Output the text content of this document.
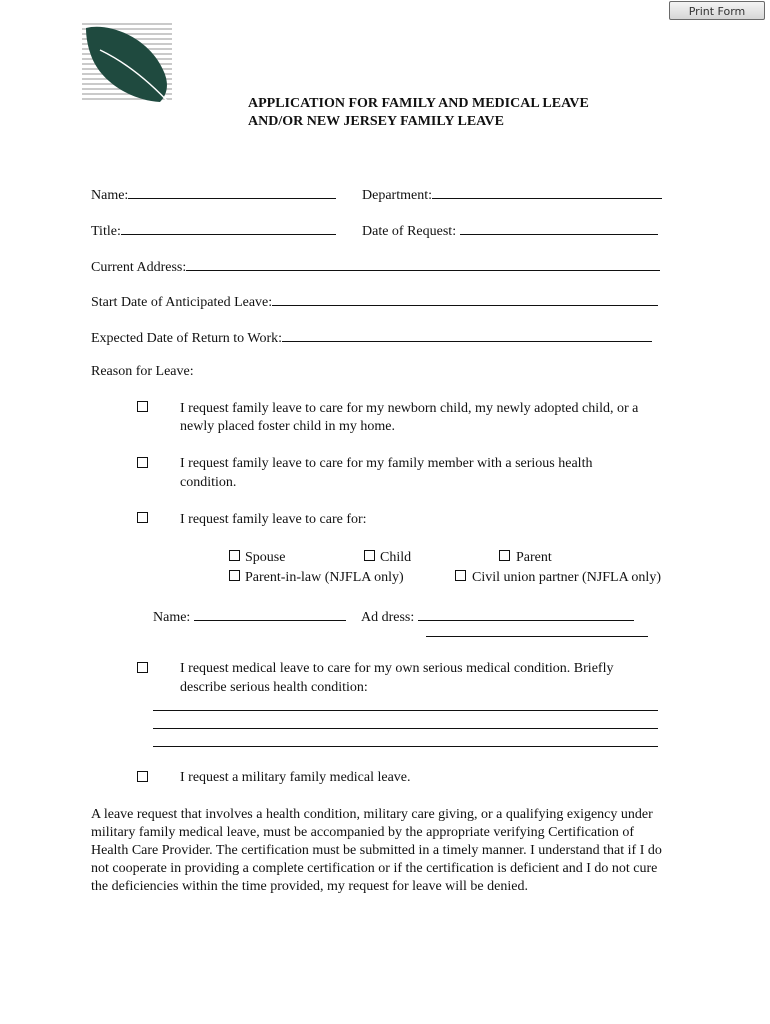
Print Form
APPLICATION FOR FAMILY AND MEDICAL LEAVE
AND/OR NEW JERSEY FAMILY LEAVE
Name:	Department:
Title:	Date of Request:
Current Address:
Start Date of Anticipated Leave:
Expected Date of Return to Work:
Reason for Leave:
I request family leave to care for my newborn child, my newly adopted child, or a
newly placed foster child in my home.
I request family leave to care for my family member with a serious health
condition.
I request family leave to care for:
Spouse	Child	Parent
Parent-in-law (NJFLA only)	Civil union partner (NJFLA only)
Name:	Ad dress:
I request medical leave to care for my own serious medical condition. Briefly
describe serious health condition:
I request a military family medical leave.
A leave request that involves a health condition, military care giving, or a qualifying exigency under military family medical leave, must be accompanied by the appropriate verifying Certification of Health Care Provider. The certification must be submitted in a timely manner. I understand that if I do not cooperate in providing a complete certification or if the certification is deficient and I do not cure the deficiencies within the time provided, my request for leave will be denied.
